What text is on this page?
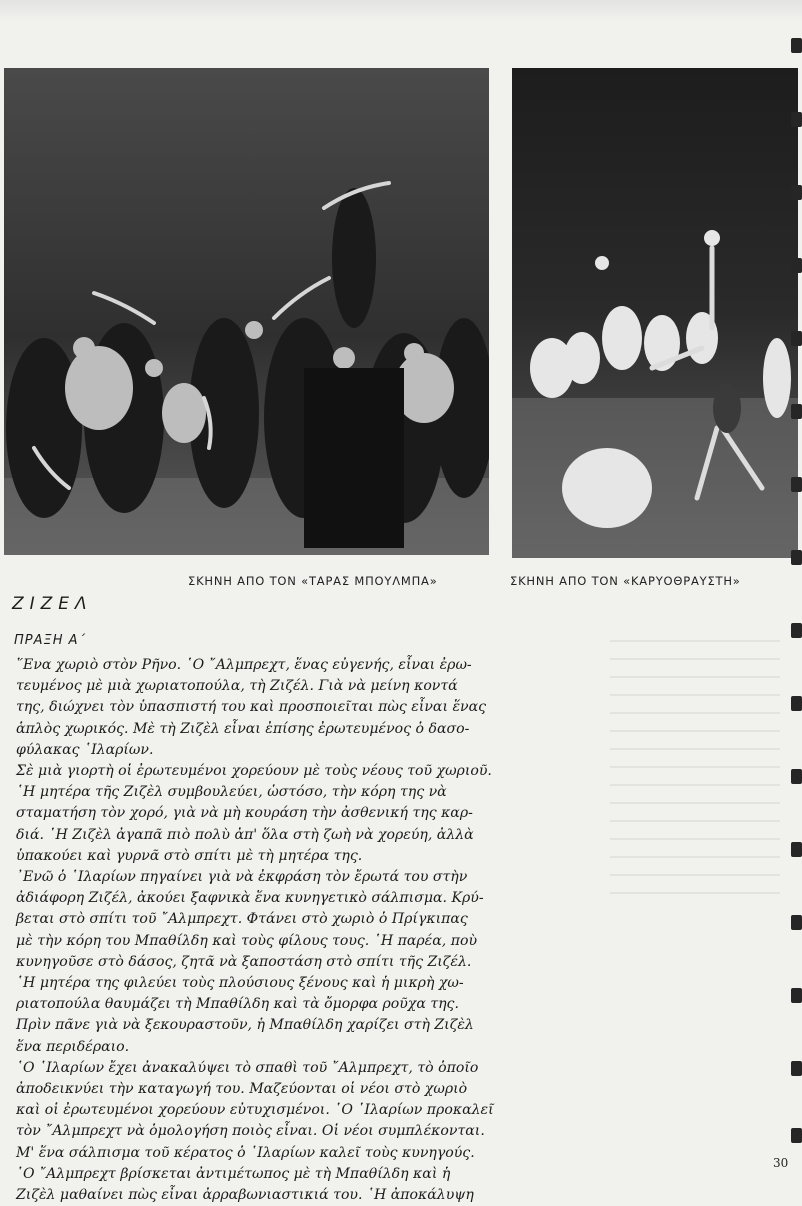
ΣΚΗΝΗ ΑΠΟ ΤΟΝ «ΤΑΡΑΣ ΜΠΟΥΛΜΠΑ»	ΣΚΗΝΗ ΑΠΟ ΤΟΝ «ΚΑΡΥΟΘΡΑΥΣΤΗ»
ΖΙΖΕΛ
ΠΡΑΞΗ Α΄

῞Ενα χωριὸ στὸν Ρῆνο. ῾Ο ῎Αλμπρεχτ, ἕνας εὐγενής, εἶναι ἐρω-

τευμένος μὲ μιὰ χωριατοπούλα, τὴ Ζιζέλ. Γιὰ νὰ μείνη κοντά

της, διώχνει τὸν ὑπασπιστή του καὶ προσποιεῖται πὼς εἶναι ἕνας

ἁπλὸς χωρικός. Μὲ τὴ Ζιζὲλ εἶναι ἐπίσης ἐρωτευμένος ὁ δασο-

φύλακας ῾Ιλαρίων.

Σὲ μιὰ γιορτὴ οἱ ἐρωτευμένοι χορεύουν μὲ τοὺς νέους τοῦ χωριοῦ.

῾Η μητέρα τῆς Ζιζὲλ συμβουλεύει, ὡστόσο, τὴν κόρη της νὰ

σταματήση τὸν χορό, γιὰ νὰ μὴ κουράση τὴν ἀσθενική της καρ-

διά. ῾Η Ζιζὲλ ἀγαπᾶ πιὸ πολὺ ἀπ' ὅλα στὴ ζωὴ νὰ χορεύη, ἀλλὰ

ὑπακούει καὶ γυρνᾶ στὸ σπίτι μὲ τὴ μητέρα της.

᾿Ενῶ ὁ ῾Ιλαρίων πηγαίνει γιὰ νὰ ἐκφράση τὸν ἔρωτά του στὴν

ἀδιάφορη Ζιζέλ, ἀκούει ξαφνικὰ ἕνα κυνηγετικὸ σάλπισμα. Κρύ-

βεται στὸ σπίτι τοῦ ῎Αλμπρεχτ. Φτάνει στὸ χωριὸ ὁ Πρίγκιπας

μὲ τὴν κόρη του Μπαθίλδη καὶ τοὺς φίλους τους. ῾Η παρέα, ποὺ

κυνηγοῦσε στὸ δάσος, ζητᾶ νὰ ξαποστάση στὸ σπίτι τῆς Ζιζέλ.

῾Η μητέρα της φιλεύει τοὺς πλούσιους ξένους καὶ ἡ μικρὴ χω-

ριατοπούλα θαυμάζει τὴ Μπαθίλδη καὶ τὰ ὄμορφα ροῦχα της.

Πρὶν πᾶνε γιὰ νὰ ξεκουραστοῦν, ἡ Μπαθίλδη χαρίζει στὴ Ζιζὲλ

ἕνα περιδέραιο.

῾Ο ῾Ιλαρίων ἔχει ἀνακαλύψει τὸ σπαθὶ τοῦ ῎Αλμπρεχτ, τὸ ὁποῖο

ἀποδεικνύει τὴν καταγωγή του. Μαζεύονται οἱ νέοι στὸ χωριὸ

καὶ οἱ ἐρωτευμένοι χορεύουν εὐτυχισμένοι. ῾Ο ῾Ιλαρίων προκαλεῖ

τὸν ῎Αλμπρεχτ νὰ ὁμολογήση ποιὸς εἶναι. Οἱ νέοι συμπλέκονται.

Μ' ἕνα σάλπισμα τοῦ κέρατος ὁ ῾Ιλαρίων καλεῖ τοὺς κυνηγούς.

῾Ο ῎Αλμπρεχτ βρίσκεται ἀντιμέτωπος μὲ τὴ Μπαθίλδη καὶ ἡ

Ζιζὲλ μαθαίνει πὼς εἶναι ἀρραβωνιαστικιά του. ῾Η ἀποκάλυψη

30
